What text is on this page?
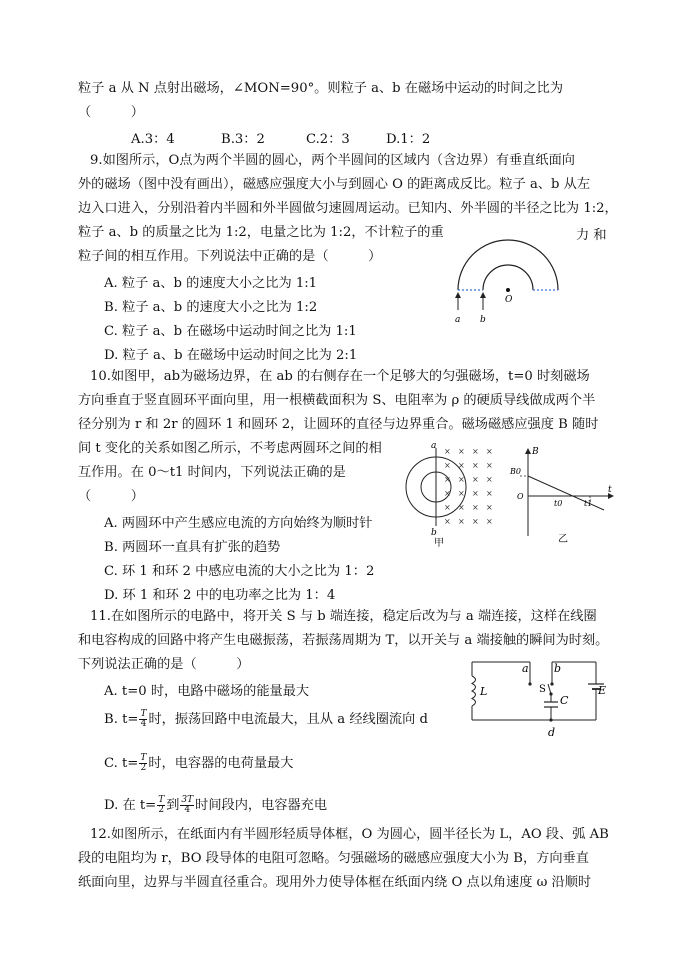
粒子 a 从 N 点射出磁场，∠MON=90°。则粒子 a、b 在磁场中运动的时间之比为
（　　　）
A.3：4	B.3：2	C.2：3	D.1：2
9.如图所示，O点为两个半圆的圆心，两个半圆间的区域内（含边界）有垂直纸面向
外的磁场（图中没有画出），磁感应强度大小与到圆心 O 的距离成反比。粒子 a、b 从左
边入口进入，分别沿着内半圆和外半圆做匀速圆周运动。已知内、外半圆的半径之比为 1:2，
粒子 a、b 的质量之比为 1:2，电量之比为 1:2，不计粒子的重	力 和
粒子间的相互作用。下列说法中正确的是（　　　）
A. 粒子 a、b 的速度大小之比为 1:1
B. 粒子 a、b 的速度大小之比为 1:2
C. 粒子 a、b 在磁场中运动时间之比为 1:1
D. 粒子 a、b 在磁场中运动时间之比为 2:1
a b
O
10.如图甲，ab为磁场边界，在 ab 的右侧存在一个足够大的匀强磁场，t=0 时刻磁场
方向垂直于竖直圆环平面向里，用一根横截面积为 S、电阻率为 ρ 的硬质导线做成两个半
径分别为 r 和 2r 的圆环 1 和圆环 2，让圆环的直径与边界重合。磁场磁感应强度 B 随时
间 t 变化的关系如图乙所示，不考虑两圆环之间的相
互作用。在 0～t1 时间内，下列说法正确的是
（　　　）
A. 两圆环中产生感应电流的方向始终为顺时针
B. 两圆环一直具有扩张的趋势
C. 环 1 和环 2 中感应电流的大小之比为 1：2
D. 环 1 和环 2 中的电功率之比为 1：4
× × × ×
× × × ×
× × × ×
× × × ×
× × × ×
× × × ×
a
b
甲
B
B0
O
t0	t1
t
乙
11.在如图所示的电路中，将开关 S 与 b 端连接，稳定后改为与 a 端连接，这样在线圈
和电容构成的回路中将产生电磁振荡，若振荡周期为 T，以开关与 a 端接触的瞬间为时刻。
下列说法正确的是（　　　）
A. t=0 时，电路中磁场的能量最大
B. $t= \frac{T}{4}$ 时，振荡回路中电流最大，且从 a 经线圈流向 d
C. $t= \frac{T}{2}$ 时，电容器的电荷量最大
D. 在 $t= \frac{T}{2}$ 到 $\frac{3T}{4}$ 时间段内，电容器充电
L
a b
S
C
E
d
12.如图所示，在纸面内有半圆形轻质导体框，O 为圆心，圆半径长为 L，AO 段、弧 AB
段的电阻均为 r，BO 段导体的电阻可忽略。匀强磁场的磁感应强度大小为 B，方向垂直
纸面向里，边界与半圆直径重合。现用外力使导体框在纸面内绕 O 点以角速度 ω 沿顺时
